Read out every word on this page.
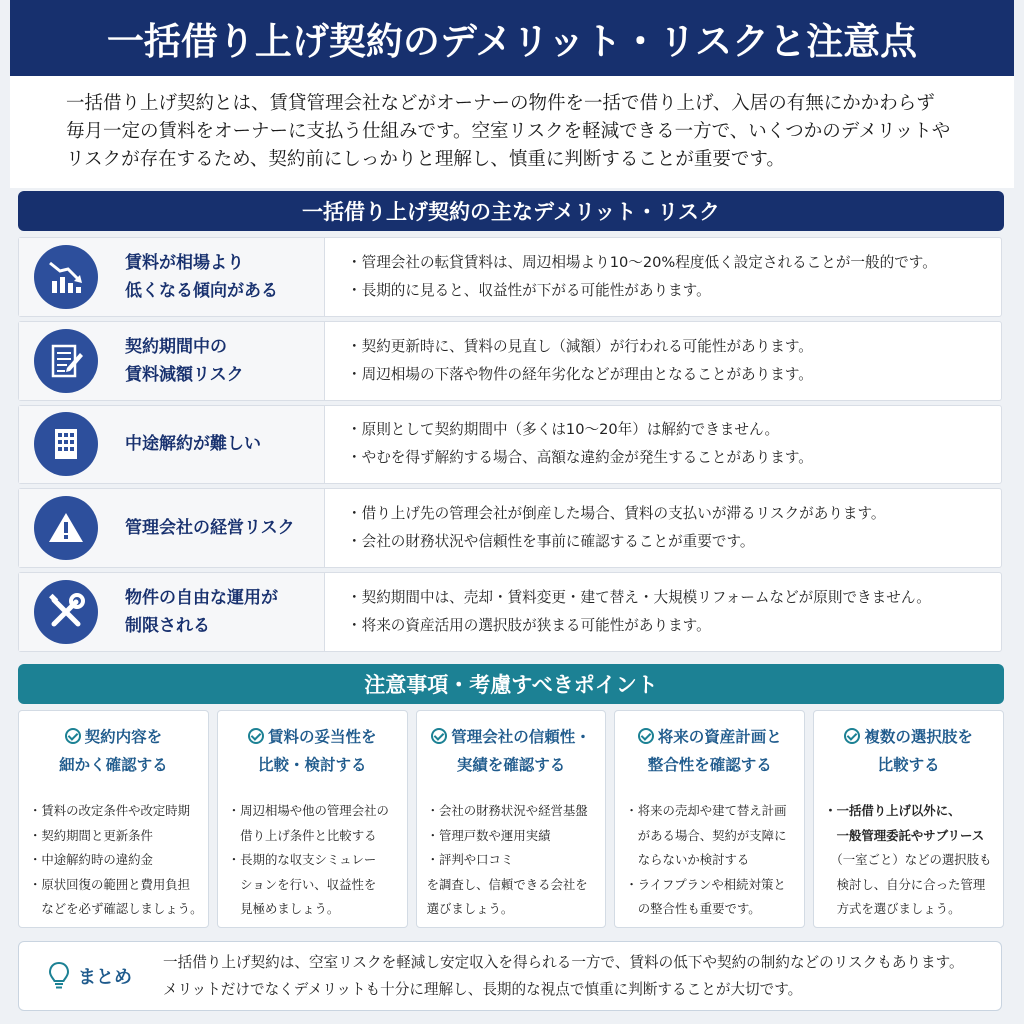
一括借り上げ契約のデメリット・リスクと注意点

一括借り上げ契約とは、賃貸管理会社などがオーナーの物件を一括で借り上げ、入居の有無にかかわらず

毎月一定の賃料をオーナーに支払う仕組みです。空室リスクを軽減できる一方で、いくつかのデメリットや

リスクが存在するため、契約前にしっかりと理解し、慎重に判断することが重要です。

一括借り上げ契約の主なデメリット・リスク
賃料が相場より
低くなる傾向がある
・管理会社の転貸賃料は、周辺相場より10〜20%程度低く設定されることが一般的です。
・長期的に見ると、収益性が下がる可能性があります。
契約期間中の
賃料減額リスク
・契約更新時に、賃料の見直し（減額）が行われる可能性があります。
・周辺相場の下落や物件の経年劣化などが理由となることがあります。
中途解約が難しい
・原則として契約期間中（多くは10〜20年）は解約できません。
・やむを得ず解約する場合、高額な違約金が発生することがあります。
管理会社の経営リスク
・借り上げ先の管理会社が倒産した場合、賃料の支払いが滞るリスクがあります。
・会社の財務状況や信頼性を事前に確認することが重要です。
物件の自由な運用が
制限される
・契約期間中は、売却・賃料変更・建て替え・大規模リフォームなどが原則できません。
・将来の資産活用の選択肢が狭まる可能性があります。
注意事項・考慮すべきポイント
契約内容を
細かく確認する
・賃料の改定条件や改定時期
・契約期間と更新条件
・中途解約時の違約金
・原状回復の範囲と費用負担
　などを必ず確認しましょう。
賃料の妥当性を
比較・検討する
・周辺相場や他の管理会社の
　借り上げ条件と比較する
・長期的な収支シミュレー
　ションを行い、収益性を
　見極めましょう。
管理会社の信頼性・
実績を確認する
・会社の財務状況や経営基盤
・管理戸数や運用実績
・評判や口コミ
を調査し、信頼できる会社を
選びましょう。
将来の資産計画と
整合性を確認する
・将来の売却や建て替え計画
　がある場合、契約が支障に
　ならないか検討する
・ライフプランや相続対策と
　の整合性も重要です。
複数の選択肢を
比較する
・一括借り上げ以外に、
　一般管理委託やサブリース
　（一室ごと）などの選択肢も
　検討し、自分に合った管理
　方式を選びましょう。
まとめ
一括借り上げ契約は、空室リスクを軽減し安定収入を得られる一方で、賃料の低下や契約の制約などのリスクもあります。
メリットだけでなくデメリットも十分に理解し、長期的な視点で慎重に判断することが大切です。
